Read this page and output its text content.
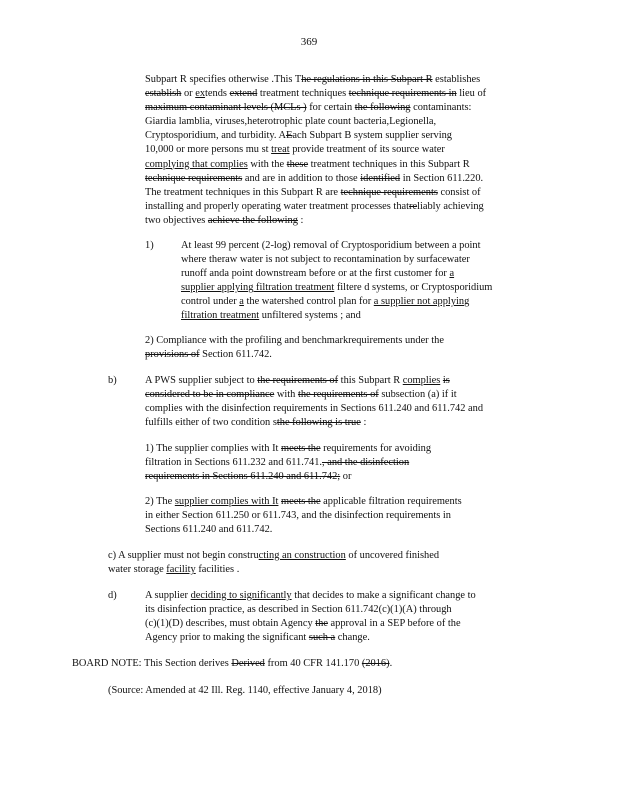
369
Subpart R specifies otherwise .This The regulations in this Subpart R establishes
establish or extends extend treatment techniques technique requirements in lieu of
maximum contaminant levels (MCLs ) for certain the following contaminants:
Giardia lamblia, viruses,heterotrophic plate count bacteria,Legionella,
Cryptosporidium, and turbidity. AEach Subpart B system supplier serving
10,000 or more persons mu st treat provide treatment of its source water
complying that complies with the these treatment techniques in this Subpart R
technique requirements and are in addition to those identified in Section 611.220.
The treatment techniques in this Subpart R are technique requirements consist of
installing and properly operating water treatment processes thatreliably achieving
two objectives achieve the following :
1)	At least 99 percent (2-log) removal of Cryptosporidium between a point
where theraw water is not subject to recontamination by surfacewater
runoff anda point downstream before or at the first customer for a
supplier applying filtration treatment filtere d systems, or Cryptosporidium
control under a the watershed control plan for a supplier not applying
filtration treatment unfiltered systems ; and
2) Compliance with the profiling and benchmarkrequirements under the
provisions of Section 611.742.
b)	A PWS supplier subject to the requirements of this Subpart R complies is
considered to be in compliance with the requirements of subsection (a) if it
complies with the disinfection requirements in Sections 611.240 and 611.742 and
fulfills either of two condition sthe following is true :
1) The supplier complies with It meets the requirements for avoiding
filtration in Sections 611.232 and 611.741., and the disinfection
requirements in Sections 611.240 and 611.742; or
2) The supplier complies with It meets the applicable filtration requirements
in either Section 611.250 or 611.743, and the disinfection requirements in
Sections 611.240 and 611.742.
c) A supplier must not begin constructing an construction of uncovered finished
water storage facility facilities .
d)	A supplier deciding to significantly that decides to make a significant change to
its disinfection practice, as described in Section 611.742(c)(1)(A) through
(c)(1)(D) describes, must obtain Agency the approval in a SEP before of the
Agency prior to making the significant such a change.
BOARD NOTE: This Section derives Derived from 40 CFR 141.170 (2016).
(Source: Amended at 42 Ill. Reg. 1140, effective January 4, 2018)
